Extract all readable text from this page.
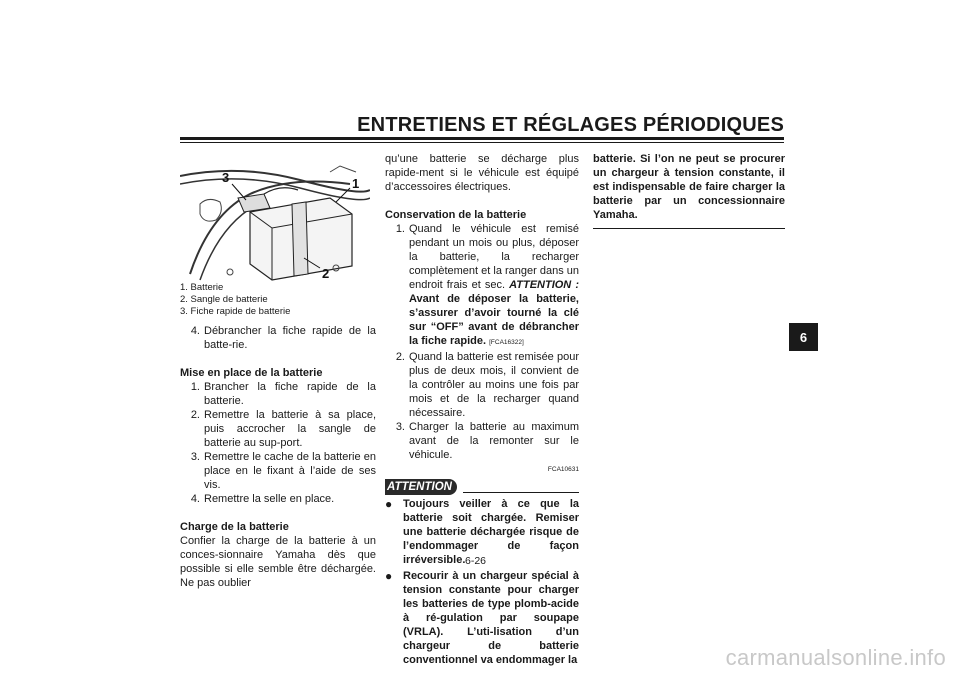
ENTRETIENS ET RÉGLAGES PÉRIODIQUES
3	1
2
1. Batterie
2. Sangle de batterie
3. Fiche rapide de batterie
4. Débrancher la fiche rapide de la batte-rie.
Mise en place de la batterie
1. Brancher la fiche rapide de la batterie.
2. Remettre la batterie à sa place, puis accrocher la sangle de batterie au sup-port.
3. Remettre le cache de la batterie en place en le fixant à l’aide de ses vis.
4. Remettre la selle en place.
Charge de la batterie
Confier la charge de la batterie à un conces-sionnaire Yamaha dès que possible si elle semble être déchargée. Ne pas oublier
qu’une batterie se décharge plus rapide-ment si le véhicule est équipé d’accessoires électriques.
Conservation de la batterie
1. Quand le véhicule est remisé pendant un mois ou plus, déposer la batterie, la recharger complètement et la ranger dans un endroit frais et sec. ATTENTION : Avant de déposer la batterie, s’assurer d’avoir tourné la clé sur “OFF” avant de débrancher la fiche rapide. [FCA16322]
2. Quand la batterie est remisée pour plus de deux mois, il convient de la contrôler au moins une fois par mois et de la recharger quand nécessaire.
3. Charger la batterie au maximum avant de la remonter sur le véhicule.
FCA10631
ATTENTION
● Toujours veiller à ce que la batterie soit chargée. Remiser une batterie déchargée risque de l’endommager de façon irréversible.
● Recourir à un chargeur spécial à tension constante pour charger les batteries de type plomb-acide à ré-gulation par soupape (VRLA). L’uti-lisation d’un chargeur de batterie conventionnel va endommager la
batterie. Si l’on ne peut se procurer un chargeur à tension constante, il est indispensable de faire charger la batterie par un concessionnaire Yamaha.
6
6-26
carmanualsonline.info
